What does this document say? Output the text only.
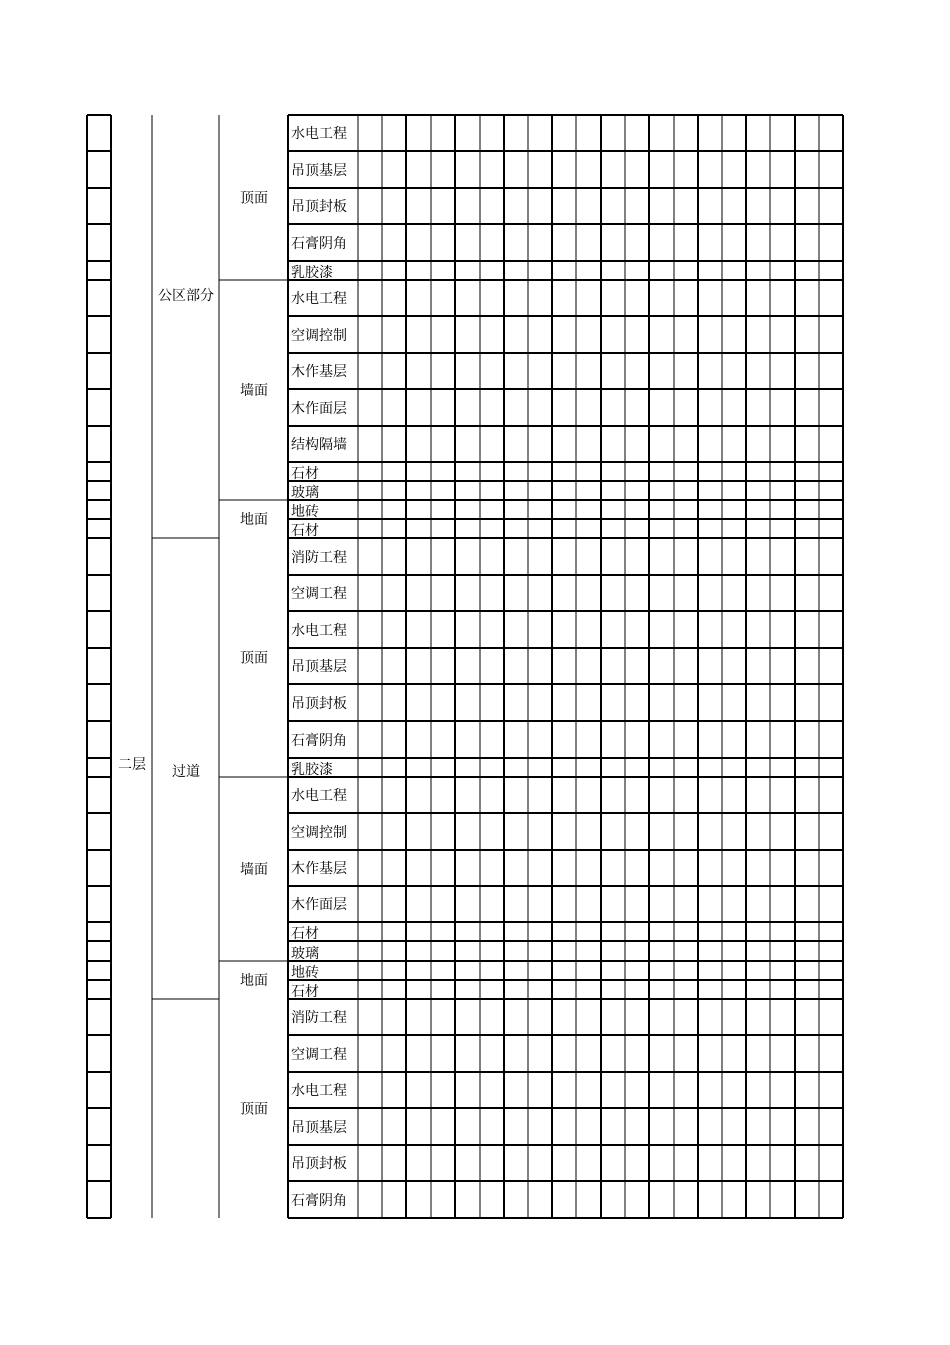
二层
公区部分
过道
顶面
墙面
地面
顶面
墙面
地面
顶面
水电工程
吊顶基层
吊顶封板
石膏阴角
乳胶漆
水电工程
空调控制
木作基层
木作面层
结构隔墙
石材
玻璃
地砖
石材
消防工程
空调工程
水电工程
吊顶基层
吊顶封板
石膏阴角
乳胶漆
水电工程
空调控制
木作基层
木作面层
石材
玻璃
地砖
石材
消防工程
空调工程
水电工程
吊顶基层
吊顶封板
石膏阴角
